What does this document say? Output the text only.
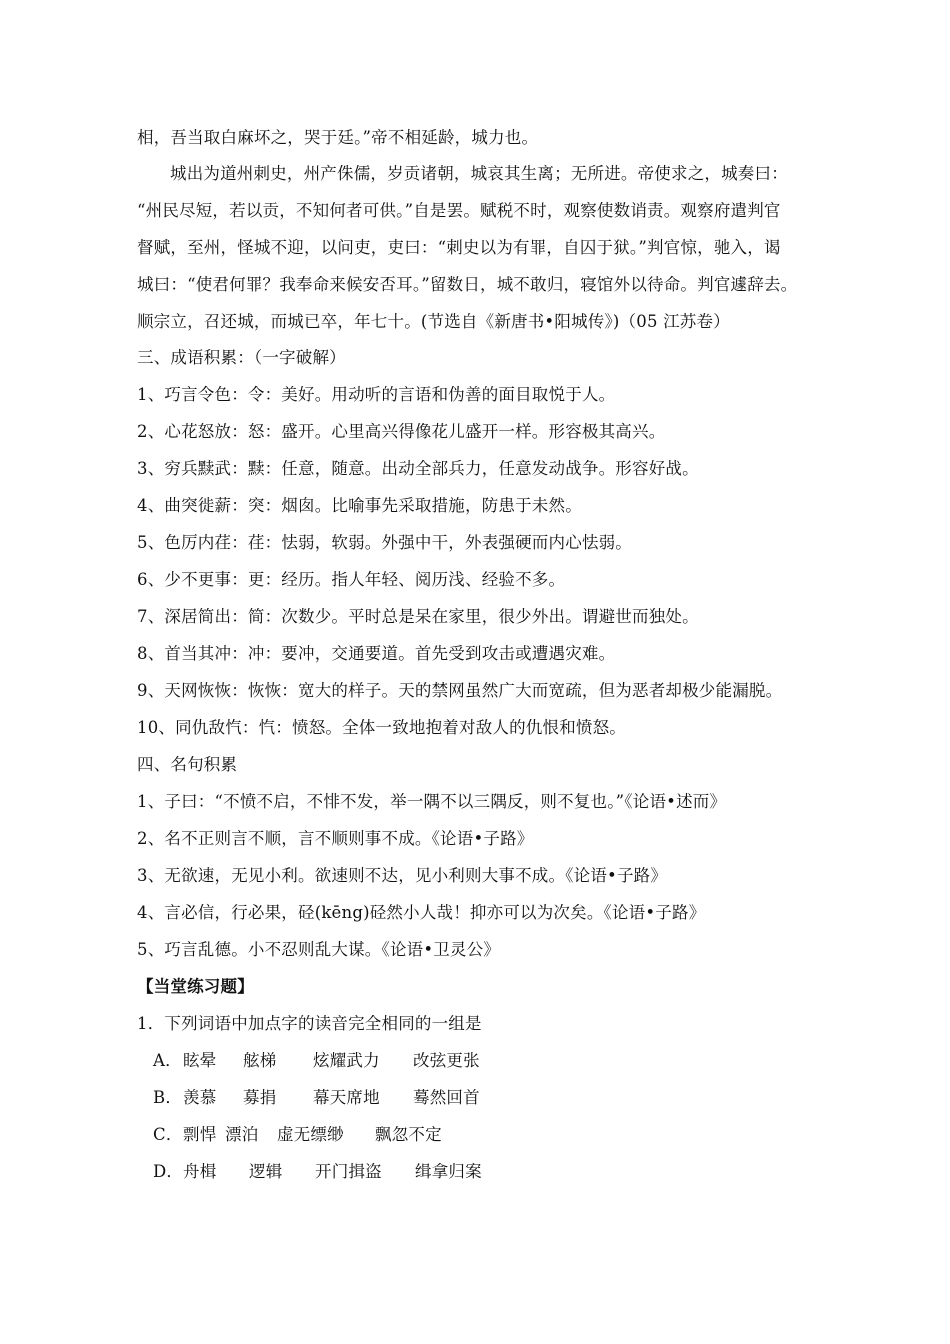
相，吾当取白麻坏之，哭于廷。”帝不相延龄，城力也。
城出为道州刺史，州产侏儒，岁贡诸朝，城哀其生离；无所进。帝使求之，城奏曰：
“州民尽短，若以贡，不知何者可供。”自是罢。赋税不时，观察使数诮责。观察府遣判官
督赋，至州，怪城不迎，以问吏，吏曰：“刺史以为有罪，自囚于狱。”判官惊，驰入，谒
城曰：“使君何罪？我奉命来候安否耳。”留数日，城不敢归，寝馆外以待命。判官遽辞去。
顺宗立，召还城，而城已卒，年七十。(节选自《新唐书•阳城传》)（05 江苏卷）
三、成语积累：（一字破解）
1、巧言令色：令：美好。用动听的言语和伪善的面目取悦于人。
2、心花怒放：怒：盛开。心里高兴得像花儿盛开一样。形容极其高兴。
3、穷兵黩武：黩：任意，随意。出动全部兵力，任意发动战争。形容好战。
4、曲突徙薪：突：烟囱。比喻事先采取措施，防患于未然。
5、色厉内荏：荏：怯弱，软弱。外强中干，外表强硬而内心怯弱。
6、少不更事：更：经历。指人年轻、阅历浅、经验不多。
7、深居简出：简：次数少。平时总是呆在家里，很少外出。谓避世而独处。
8、首当其冲：冲：要冲，交通要道。首先受到攻击或遭遇灾难。
9、天网恢恢：恢恢：宽大的样子。天的禁网虽然广大而宽疏，但为恶者却极少能漏脱。
10、同仇敌忾：忾：愤怒。全体一致地抱着对敌人的仇恨和愤怒。
四、名句积累
1、子曰：“不愤不启，不悱不发，举一隅不以三隅反，则不复也。”《论语•述而》
2、名不正则言不顺，言不顺则事不成。《论语•子路》
3、无欲速，无见小利。欲速则不达，见小利则大事不成。《论语•子路》
4、言必信，行必果，硁(kēng)硁然小人哉！抑亦可以为次矣。《论语•子路》
5、巧言乱德。小不忍则乱大谋。《论语•卫灵公》
【当堂练习题】
1．下列词语中加点字的读音完全相同的一组是
A．眩晕 舷梯 炫耀武力 改弦更张
B．羡慕 募捐 幕天席地 蓦然回首
C．剽悍 漂泊 虚无缥缈 飘忽不定
D．舟楫 逻辑 开门揖盗 缉拿归案
